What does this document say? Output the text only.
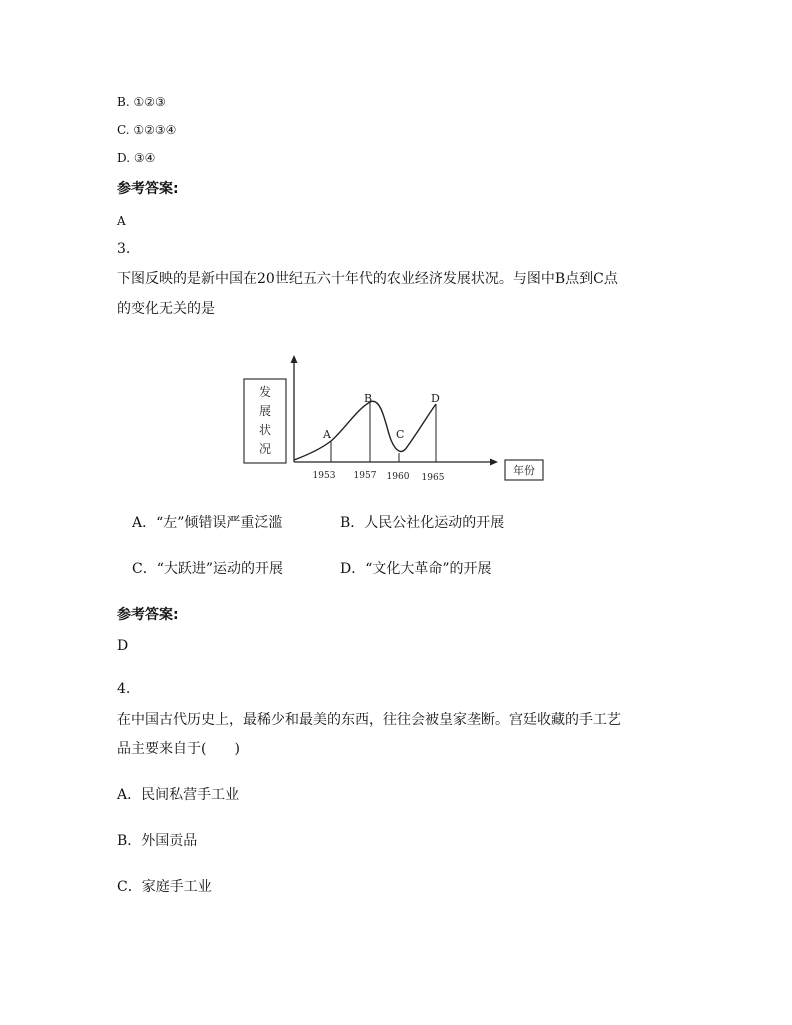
B. ①②③
C. ①②③④
D. ③④
参考答案:
A
3.
下图反映的是新中国在20世纪五六十年代的农业经济发展状况。与图中B点到C点
的变化无关的是
发
展
状
况
A
B
C
D
1953 1957 1960 1965
年份
A．“左”倾错误严重泛滥	B．人民公社化运动的开展
C．“大跃进”运动的开展	D．“文化大革命”的开展
参考答案:
D
4.
在中国古代历史上，最稀少和最美的东西，往往会被皇家垄断。宫廷收藏的手工艺
品主要来自于(　　)
A．民间私营手工业
B．外国贡品
C．家庭手工业
